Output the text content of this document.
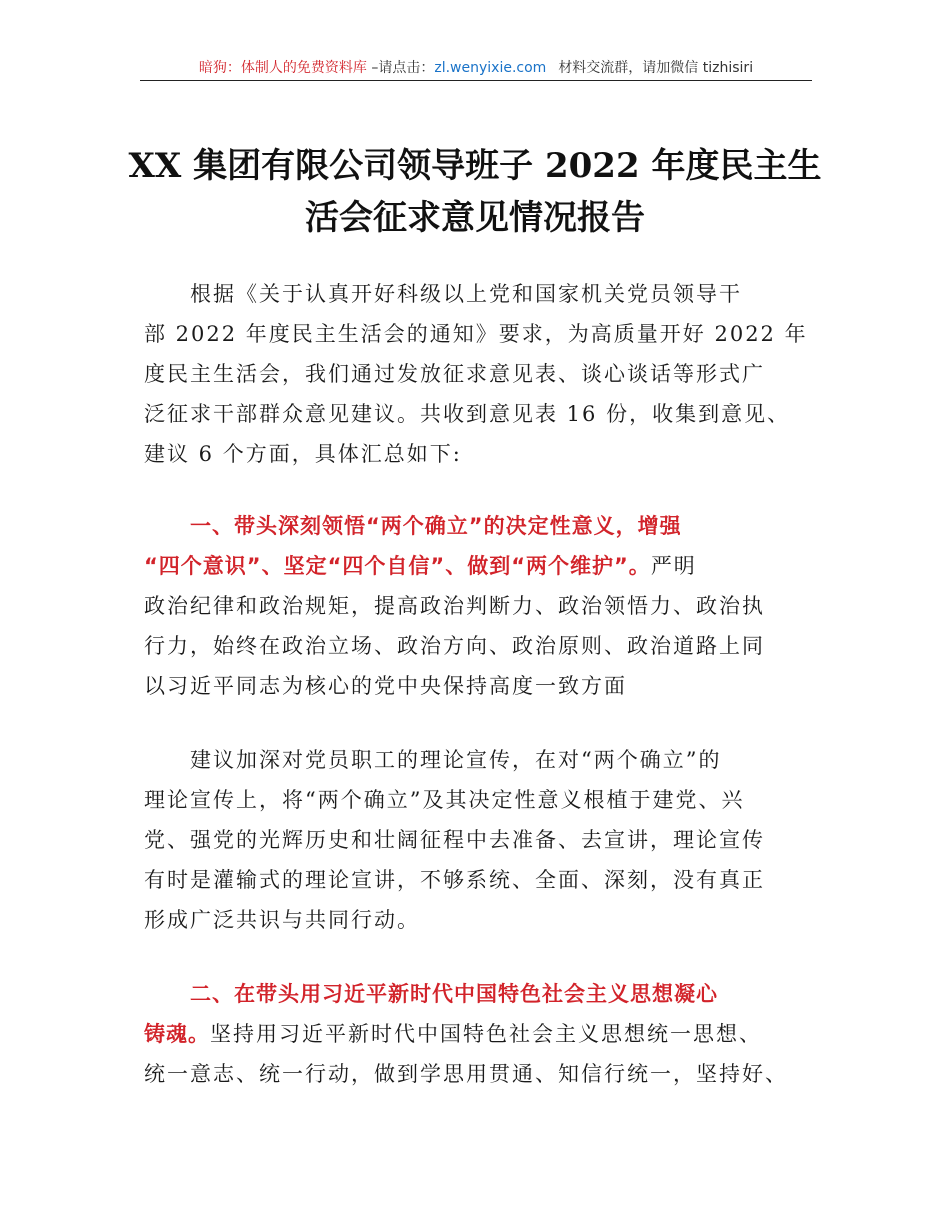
暗狗：体制人的免费资料库 –请点击：zl.wenyixie.com 材料交流群，请加微信 tizhisiri
XX 集团有限公司领导班子 2022 年度民主生
活会征求意见情况报告
根据《关于认真开好科级以上党和国家机关党员领导干
部 2022 年度民主生活会的通知》要求，为高质量开好 2022 年
度民主生活会，我们通过发放征求意见表、谈心谈话等形式广
泛征求干部群众意见建议。共收到意见表 16 份，收集到意见、
建议 6 个方面，具体汇总如下:
一、带头深刻领悟“两个确立”的决定性意义，增强
“四个意识”、坚定“四个自信”、做到“两个维护”。严明
政治纪律和政治规矩，提高政治判断力、政治领悟力、政治执
行力，始终在政治立场、政治方向、政治原则、政治道路上同
以习近平同志为核心的党中央保持高度一致方面
建议加深对党员职工的理论宣传，在对“两个确立”的
理论宣传上，将“两个确立”及其决定性意义根植于建党、兴
党、强党的光辉历史和壮阔征程中去准备、去宣讲，理论宣传
有时是灌输式的理论宣讲，不够系统、全面、深刻，没有真正
形成广泛共识与共同行动。
二、在带头用习近平新时代中国特色社会主义思想凝心
铸魂。坚持用习近平新时代中国特色社会主义思想统一思想、
统一意志、统一行动，做到学思用贯通、知信行统一，坚持好、
